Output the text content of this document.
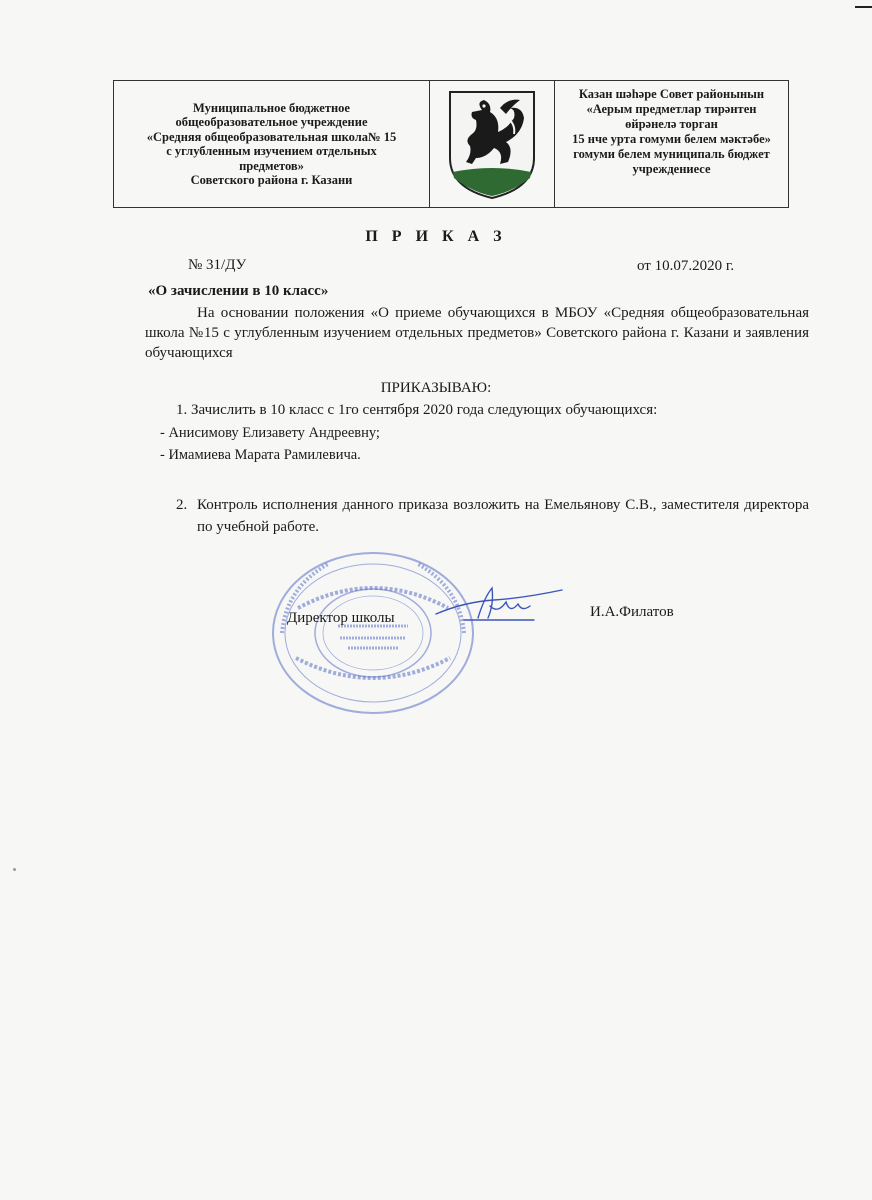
Муниципальное бюджетное
общеобразовательное учреждение
«Средняя общеобразовательная школа№ 15
с углубленным изучением отдельных
предметов»
Советского района г. Казани
Казан шәһәре Совет районынын
«Аерым предметлар тирәнтен
өйрәнелә торган
15 нче урта гомуми белем мәктәбе»
гомуми белем муниципаль бюджет
учреждениесе
П Р И К А З
№ 31/ДУ	от 10.07.2020 г.
«О зачислении в 10 класс»
На основании положения «О приеме обучающихся в МБОУ «Средняя общеобразовательная школа №15 с углубленным изучением отдельных предметов» Советского района г. Казани и заявления обучающихся
ПРИКАЗЫВАЮ:
1. Зачислить в 10 класс с 1го сентября 2020 года следующих обучающихся:
- Анисимову Елизавету Андреевну;
- Имамиева Марата Рамилевича.
2. Контроль исполнения данного приказа возложить на Емельянову С.В., заместителя директора по учебной работе.
Директор школы	И.А.Филатов
